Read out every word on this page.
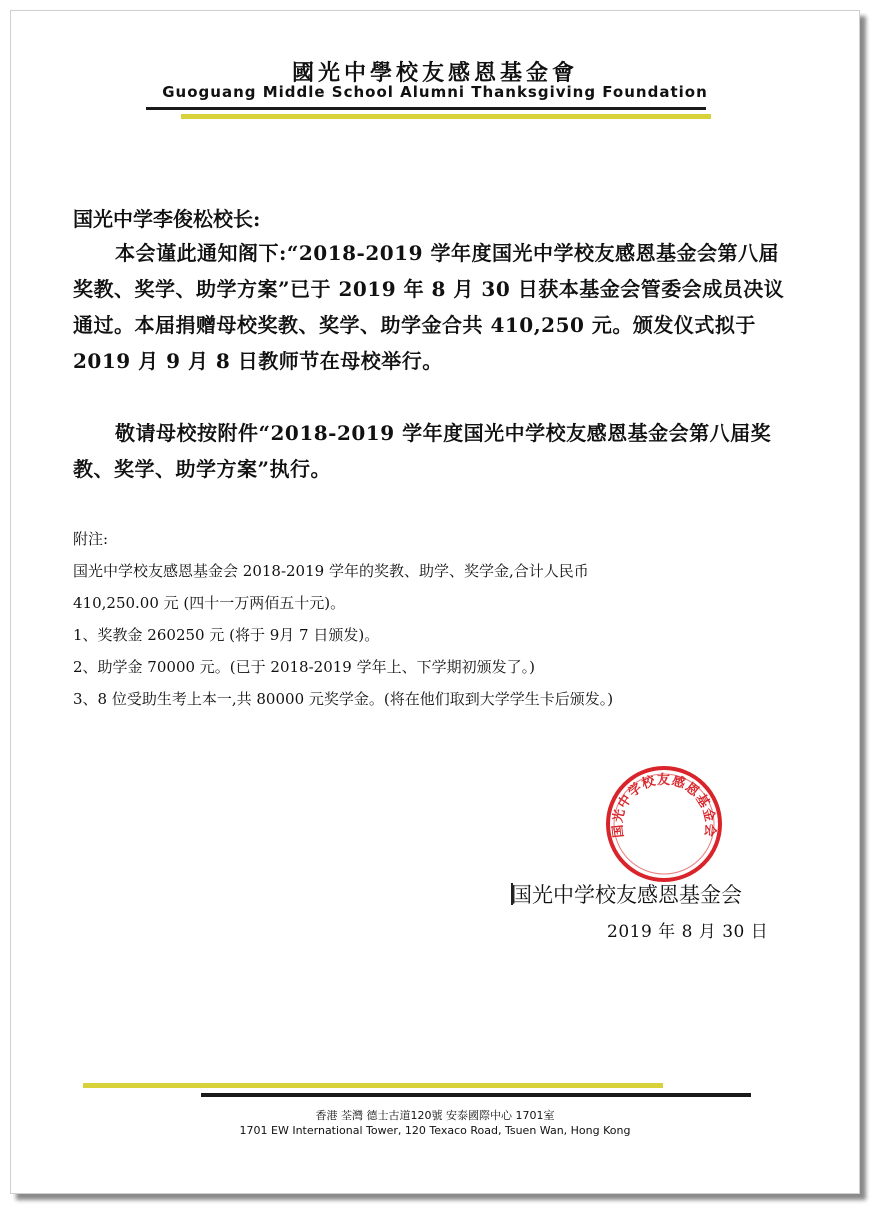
國光中學校友感恩基金會
Guoguang Middle School Alumni Thanksgiving Foundation
国光中学李俊松校长:
本会谨此通知阁下:“2018-2019 学年度国光中学校友感恩基金会第八届奖教、奖学、助学方案”已于 2019 年 8 月 30 日获本基金会管委会成员决议通过。本届捐赠母校奖教、奖学、助学金合共 410,250 元。颁发仪式拟于 2019 月 9 月 8 日教师节在母校举行。
敬请母校按附件“2018-2019 学年度国光中学校友感恩基金会第八届奖教、奖学、助学方案”执行。
附注:
国光中学校友感恩基金会 2018-2019 学年的奖教、助学、奖学金,合计人民币
410,250.00 元 (四十一万两佰五十元)。
1、奖教金 260250 元 (将于 9月 7 日颁发)。
2、助学金 70000 元。(已于 2018-2019 学年上、下学期初颁发了。)
3、8 位受助生考上本一,共 80000 元奖学金。(将在他们取到大学学生卡后颁发。)
国光中学校友感恩基金会
国光中学校友感恩基金会
2019 年 8 月 30 日
香港 荃灣 德士古道120號 安泰國際中心 1701室
1701 EW International Tower, 120 Texaco Road, Tsuen Wan, Hong Kong
